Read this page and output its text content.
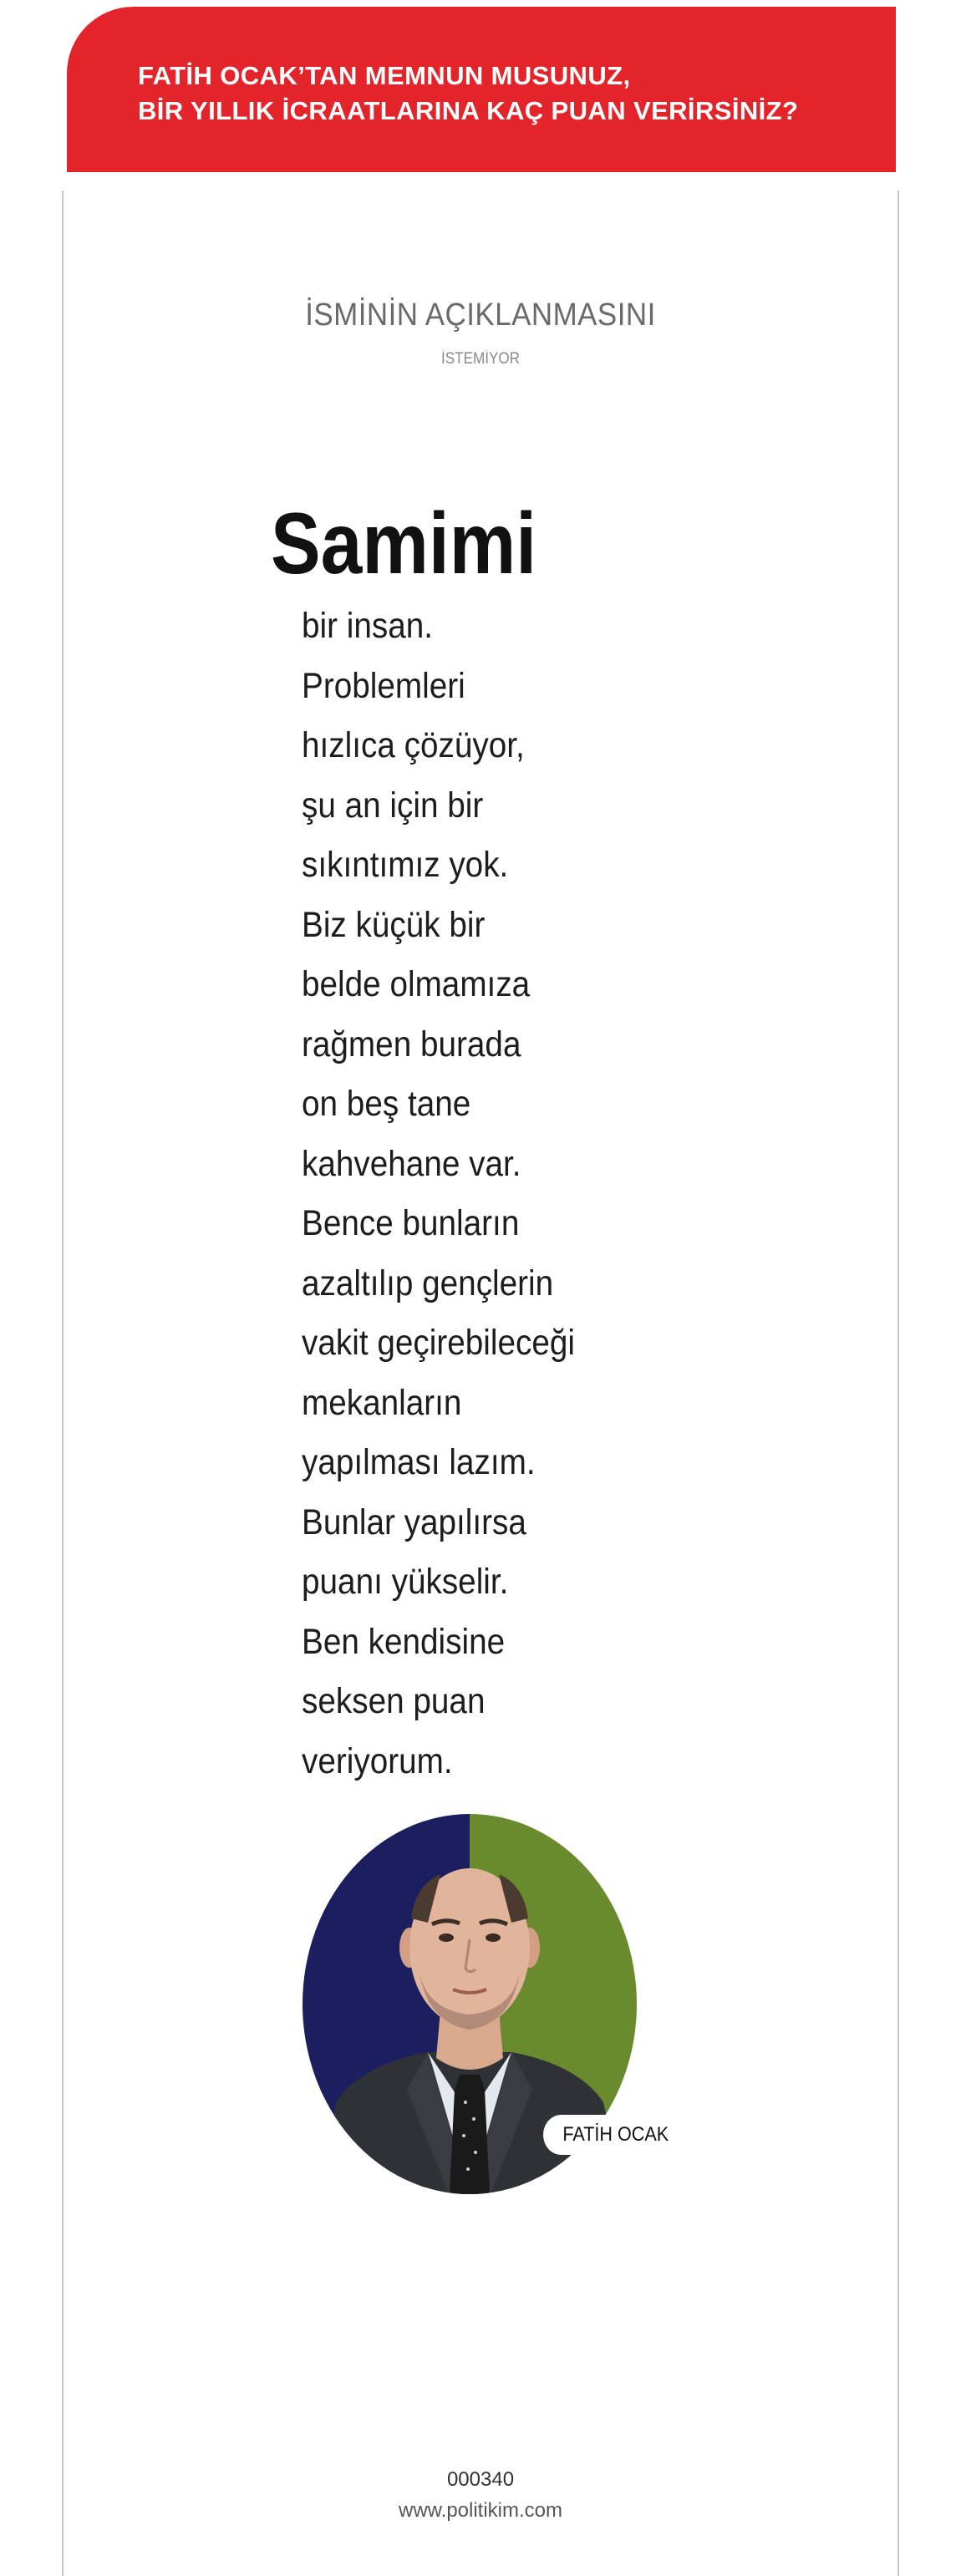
FATİH OCAK’TAN MEMNUN MUSUNUZ,
BİR YILLIK İCRAATLARINA KAÇ PUAN VERİRSİNİZ?
İSMİNİN AÇIKLANMASINI
İSTEMİYOR
Samimi
bir insan.
Problemleri
hızlıca çözüyor,
şu an için bir
sıkıntımız yok.
Biz küçük bir
belde olmamıza
rağmen burada
on beş tane
kahvehane var.
Bence bunların
azaltılıp gençlerin
vakit geçirebileceği
mekanların
yapılması lazım.
Bunlar yapılırsa
puanı yükselir.
Ben kendisine
seksen puan
veriyorum.
FATİH OCAK
000340
www.politikim.com
